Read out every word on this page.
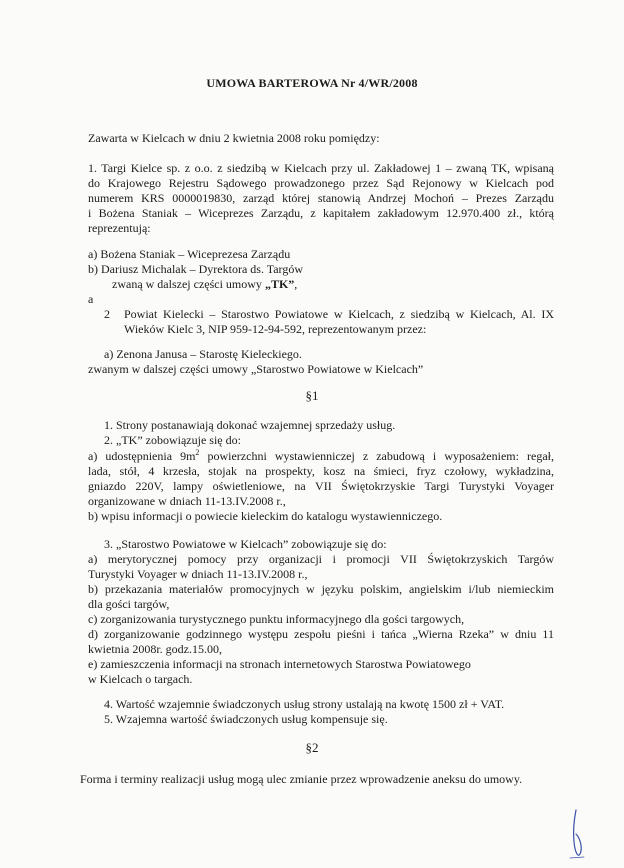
UMOWA BARTEROWA Nr 4/WR/2008
Zawarta w Kielcach w dniu 2 kwietnia 2008 roku pomiędzy:
1. Targi Kielce sp. z o.o. z siedzibą w Kielcach przy ul. Zakładowej 1 – zwaną TK, wpisaną
do Krajowego Rejestru Sądowego prowadzonego przez Sąd Rejonowy w Kielcach pod
numerem KRS 0000019830, zarząd której stanowią Andrzej Mochoń – Prezes Zarządu
i Bożena Staniak – Wiceprezes Zarządu, z kapitałem zakładowym 12.970.400 zł., którą
reprezentują:
a) Bożena Staniak – Wiceprezesa Zarządu
b) Dariusz Michalak – Dyrektora ds. Targów
zwaną w dalszej części umowy „TK”,
a
2 Powiat Kielecki – Starostwo Powiatowe w Kielcach, z siedzibą w Kielcach, Al. IX
Wieków Kielc 3, NIP 959-12-94-592, reprezentowanym przez:
a) Zenona Janusa – Starostę Kieleckiego.
zwanym w dalszej części umowy „Starostwo Powiatowe w Kielcach”
§1
1. Strony postanawiają dokonać wzajemnej sprzedaży usług.
2. „TK” zobowiązuje się do:
a) udostępnienia $9m^2$ powierzchni wystawienniczej z zabudową i wyposażeniem: regał,
lada, stół, 4 krzesła, stojak na prospekty, kosz na śmieci, fryz czołowy, wykładzina,
gniazdo 220V, lampy oświetleniowe, na VII Świętokrzyskie Targi Turystyki Voyager
organizowane w dniach 11-13.IV.2008 r.,
b) wpisu informacji o powiecie kieleckim do katalogu wystawienniczego.
3. „Starostwo Powiatowe w Kielcach” zobowiązuje się do:
a) merytorycznej pomocy przy organizacji i promocji VII Świętokrzyskich Targów
Turystyki Voyager w dniach 11-13.IV.2008 r.,
b) przekazania materiałów promocyjnych w języku polskim, angielskim i/lub niemieckim
dla gości targów,
c) zorganizowania turystycznego punktu informacyjnego dla gości targowych,
d) zorganizowanie godzinnego występu zespołu pieśni i tańca „Wierna Rzeka” w dniu 11
kwietnia 2008r. godz.15.00,
e) zamieszczenia informacji na stronach internetowych Starostwa Powiatowego
w Kielcach o targach.
4. Wartość wzajemnie świadczonych usług strony ustalają na kwotę 1500 zł + VAT.
5. Wzajemna wartość świadczonych usług kompensuje się.
§2
Forma i terminy realizacji usług mogą ulec zmianie przez wprowadzenie aneksu do umowy.
